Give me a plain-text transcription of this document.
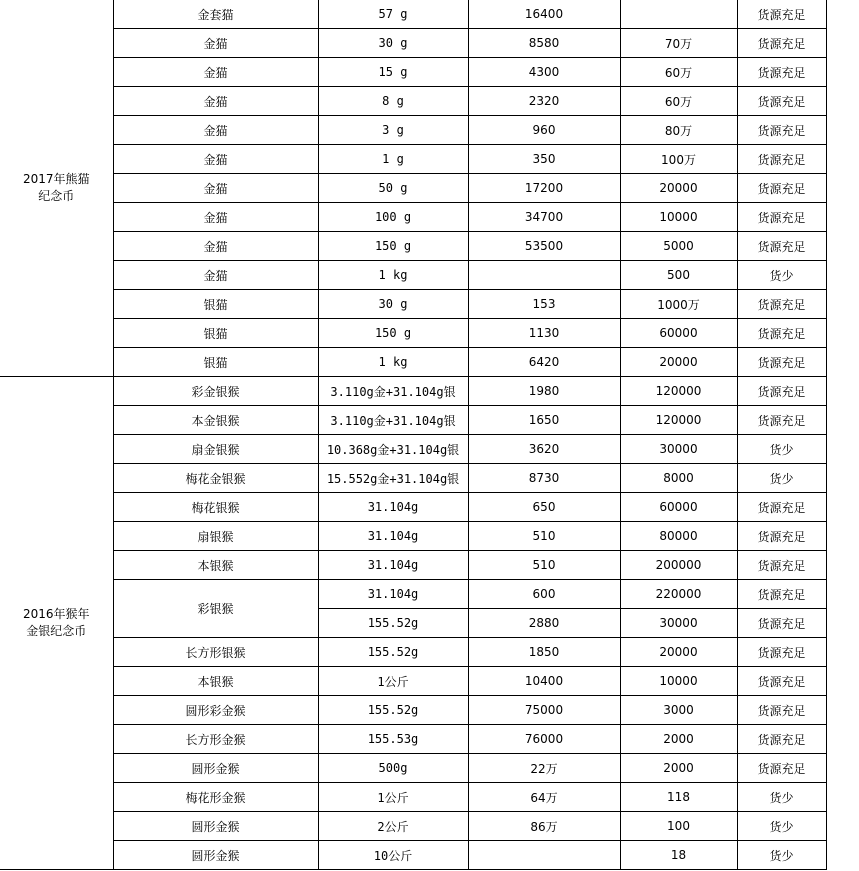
2017年熊猫
纪念币	金套猫	57 g	16400		货源充足
	金猫	30 g	8580	70万	货源充足
	金猫	15 g	4300	60万	货源充足
	金猫	8 g	2320	60万	货源充足
	金猫	3 g	960	80万	货源充足
	金猫	1 g	350	100万	货源充足
	金猫	50 g	17200	20000	货源充足
	金猫	100 g	34700	10000	货源充足
	金猫	150 g	53500	5000	货源充足
	金猫	1 kg		500	货少
	银猫	30 g	153	1000万	货源充足
	银猫	150 g	1130	60000	货源充足
	银猫	1 kg	6420	20000	货源充足

2016年猴年
金银纪念币	彩金银猴	3.110g金+31.104g银	1980	120000	货源充足
	本金银猴	3.110g金+31.104g银	1650	120000	货源充足
	扇金银猴	10.368g金+31.104g银	3620	30000	货少
	梅花金银猴	15.552g金+31.104g银	8730	8000	货少
	梅花银猴	31.104g	650	60000	货源充足
	扇银猴	31.104g	510	80000	货源充足
	本银猴	31.104g	510	200000	货源充足
	彩银猴	31.104g	600	220000	货源充足
		155.52g	2880	30000	货源充足
	长方形银猴	155.52g	1850	20000	货源充足
	本银猴	1公斤	10400	10000	货源充足
	圆形彩金猴	155.52g	75000	3000	货源充足
	长方形金猴	155.53g	76000	2000	货源充足
	圆形金猴	500g	22万	2000	货源充足
	梅花形金猴	1公斤	64万	118	货少
	圆形金猴	2公斤	86万	100	货少
	圆形金猴	10公斤		18	货少
